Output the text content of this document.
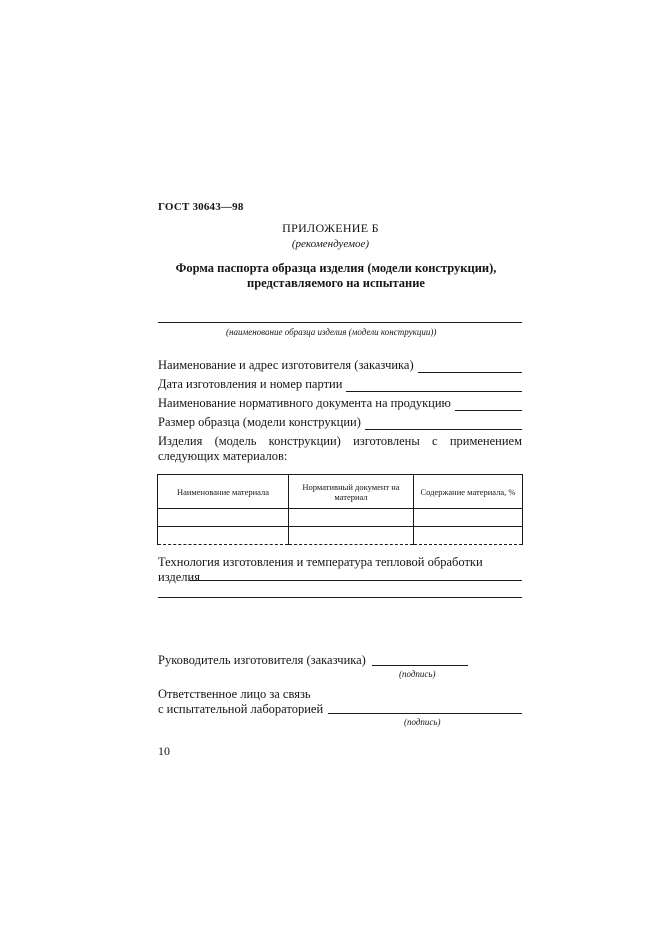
ГОСТ 30643—98
ПРИЛОЖЕНИЕ Б
(рекомендуемое)
Форма паспорта образца изделия (модели конструкции),
представляемого на испытание
(наименование образца изделия (модели конструкции))
Наименование и адрес изготовителя (заказчика)
Дата изготовления и номер партии
Наименование нормативного документа на продукцию
Размер образца (модели конструкции)
Изделия (модель конструкции) изготовлены с применением следующих материалов:
Наименование материала	Нормативный документ на материал	Содержание материала, %

Технология изготовления и температура тепловой обработки изделия
Руководитель изготовителя (заказчика)
(подпись)
Ответственное лицо за связь
с испытательной лабораторией
(подпись)
10
